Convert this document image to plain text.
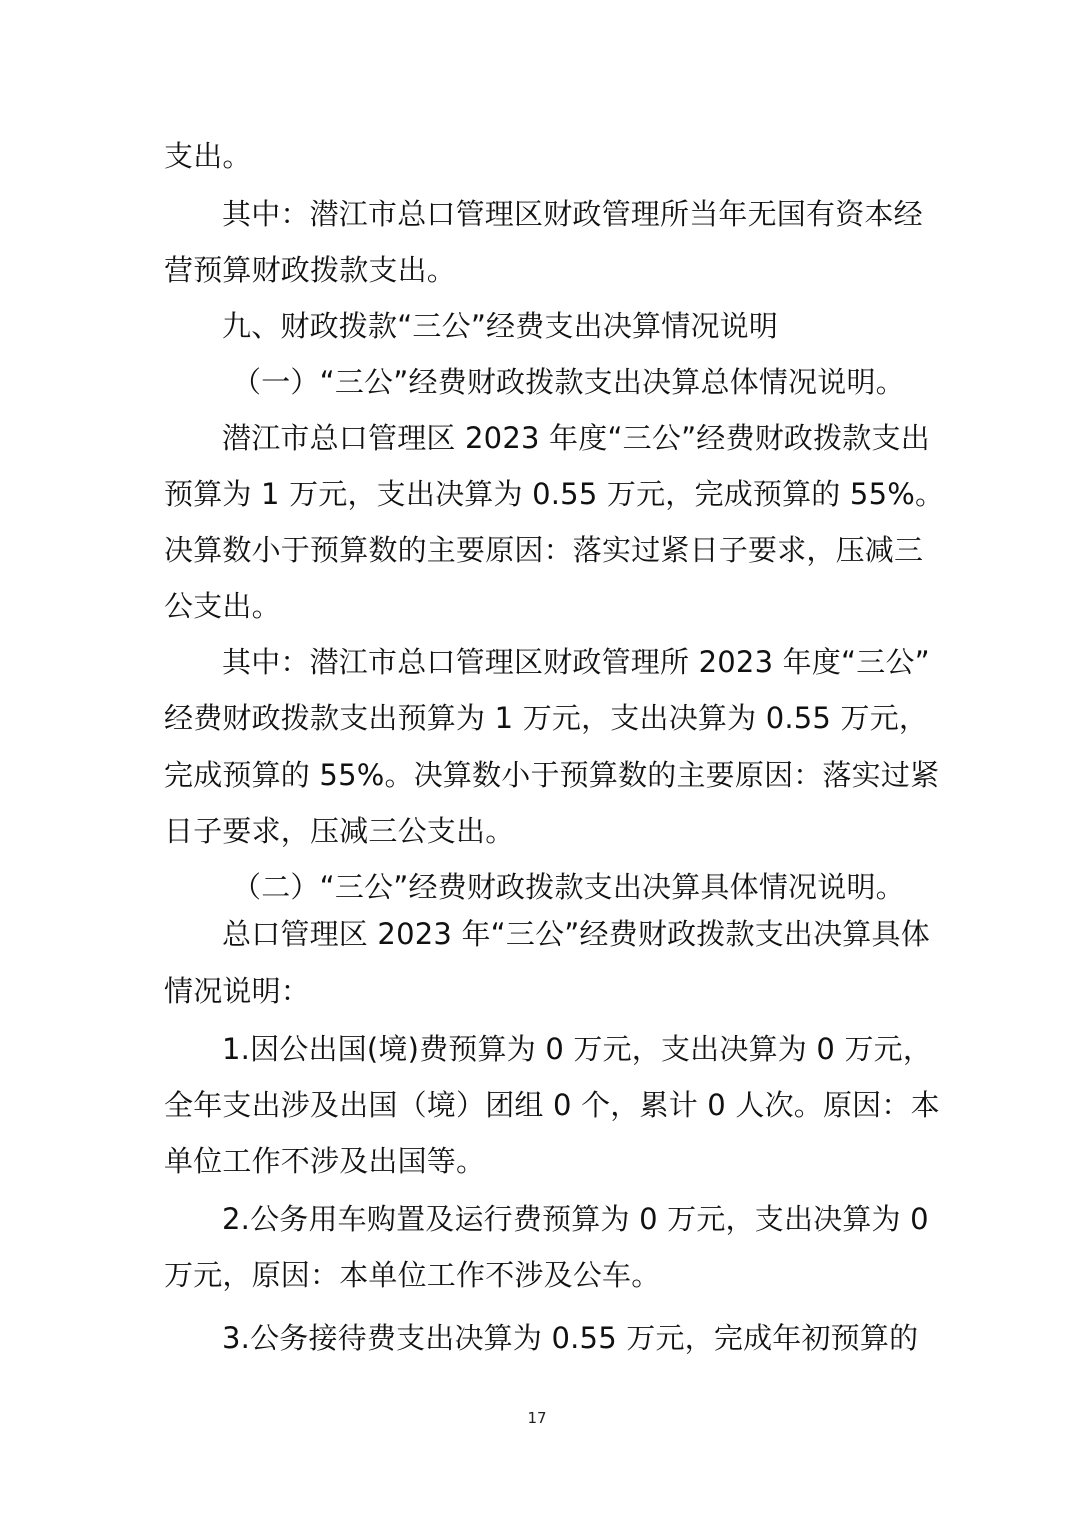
支出。
其中：潜江市总口管理区财政管理所当年无国有资本经
营预算财政拨款支出。
九、财政拨款“三公”经费支出决算情况说明
（一）“三公”经费财政拨款支出决算总体情况说明。
潜江市总口管理区 2023 年度“三公”经费财政拨款支出
预算为 1 万元，支出决算为 0.55 万元，完成预算的 55%。
决算数小于预算数的主要原因：落实过紧日子要求，压减三
公支出。
其中：潜江市总口管理区财政管理所 2023 年度“三公”
经费财政拨款支出预算为 1 万元，支出决算为 0.55 万元，
完成预算的 55%。决算数小于预算数的主要原因：落实过紧
日子要求，压减三公支出。
（二）“三公”经费财政拨款支出决算具体情况说明。
总口管理区 2023 年“三公”经费财政拨款支出决算具体
情况说明：
1.因公出国(境)费预算为 0 万元，支出决算为 0 万元，
全年支出涉及出国（境）团组 0 个，累计 0 人次。原因：本
单位工作不涉及出国等。
2.公务用车购置及运行费预算为 0 万元，支出决算为 0
万元，原因：本单位工作不涉及公车。
3.公务接待费支出决算为 0.55 万元，完成年初预算的
17
